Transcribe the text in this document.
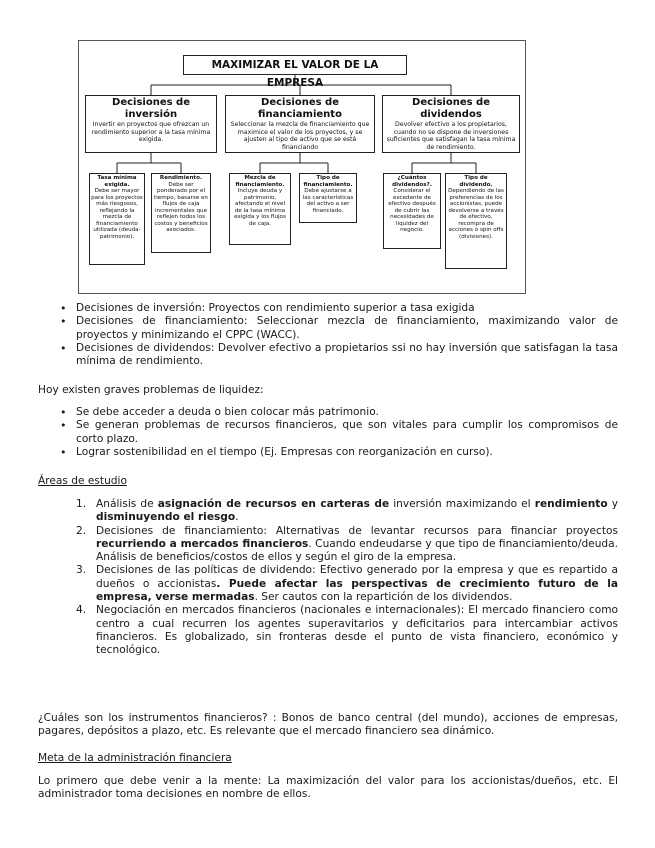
MAXIMIZAR EL VALOR DE LA EMPRESA
Decisiones de inversión
Invertir en proyectos que ofrezcan un rendimiento superior a la tasa mínima exigida.
Decisiones de financiamiento
Seleccionar la mezcla de financiamiento que maximice el valor de los proyectos, y se ajusten al tipo de activo que se está financiando
Decisiones de dividendos
Devolver efectivo a los propietarios, cuando no se dispone de inversiones suficientes que satisfagan la tasa mínima de rendimiento.
Tasa mínima exigida.
Debe ser mayor para los proyectos más riesgosos, reflejando la mezcla de financiamiento utilizada (deuda-patrimonio).
Rendimiento.
Debe ser ponderado por el tiempo, basarse en flujos de caja incrementales que reflejen todos los costos y beneficios asociados.
Mezcla de financiamiento.
Incluye deuda y patrimonio, afectando el nivel de la tasa mínima exigida y los flujos de caja.
Tipo de financiamiento.
Debe ajustarse a las características del activo a ser financiado.
¿Cuántos dividendos?.
Considerar el excedente de efectivo después de cubrir las necesidades de liquidez del negocio.
Tipo de dividendo.
Dependiendo de las preferencias de los accionistas, puede devolverse a través de efectivo, recompra de acciones o spin offs (divisiones).
• Decisiones de inversión: Proyectos con rendimiento superior a tasa exigida
• Decisiones de financiamiento: Seleccionar mezcla de financiamiento, maximizando valor de proyectos y minimizando el CPPC (WACC).
• Decisiones de dividendos: Devolver efectivo a propietarios ssi no hay inversión que satisfagan la tasa mínima de rendimiento.
Hoy existen graves problemas de liquidez:
• Se debe acceder a deuda o bien colocar más patrimonio.
• Se generan problemas de recursos financieros, que son vitales para cumplir los compromisos de corto plazo.
• Lograr sostenibilidad en el tiempo (Ej. Empresas con reorganización en curso).
Áreas de estudio
1. Análisis de asignación de recursos en carteras de inversión maximizando el rendimiento y disminuyendo el riesgo.
2. Decisiones de financiamiento: Alternativas de levantar recursos para financiar proyectos recurriendo a mercados financieros. Cuando endeudarse y que tipo de financiamiento/deuda. Análisis de beneficios/costos de ellos y según el giro de la empresa.
3. Decisiones de las políticas de dividendo: Efectivo generado por la empresa y que es repartido a dueños o accionistas. Puede afectar las perspectivas de crecimiento futuro de la empresa, verse mermadas. Ser cautos con la repartición de los dividendos.
4. Negociación en mercados financieros (nacionales e internacionales): El mercado financiero como centro a cual recurren los agentes superavitarios y deficitarios para intercambiar activos financieros. Es globalizado, sin fronteras desde el punto de vista financiero, económico y tecnológico.
¿Cuáles son los instrumentos financieros? : Bonos de banco central (del mundo), acciones de empresas, pagares, depósitos a plazo, etc. Es relevante que el mercado financiero sea dinámico.
Meta de la administración financiera
Lo primero que debe venir a la mente: La maximización del valor para los accionistas/dueños, etc. El administrador toma decisiones en nombre de ellos.
